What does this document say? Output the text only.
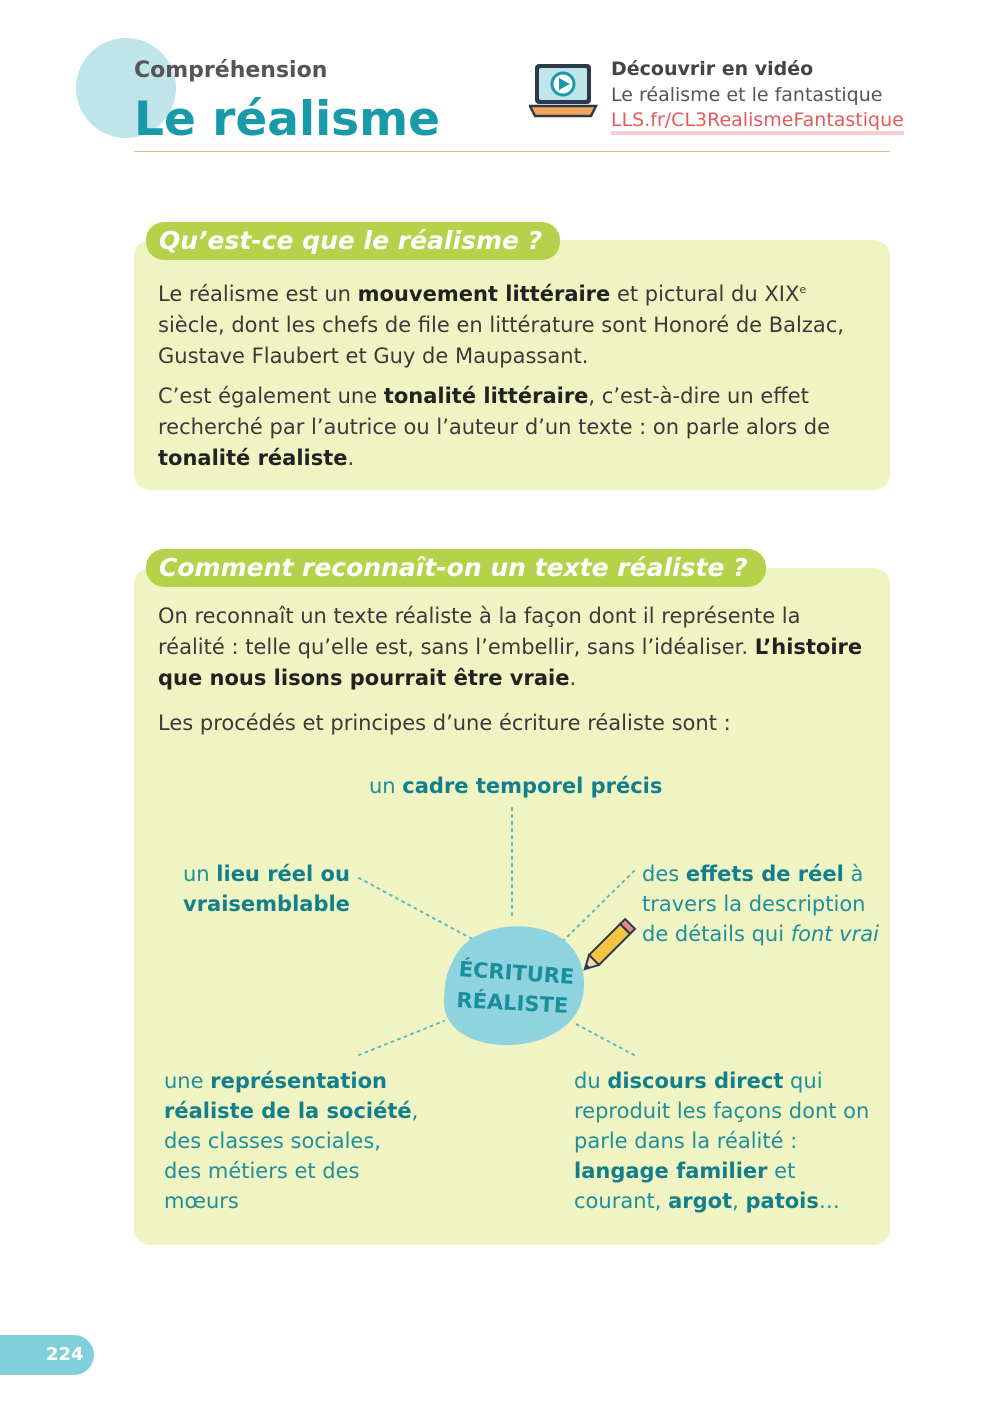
Compréhension
Le réalisme
Découvrir en vidéo
Le réalisme et le fantastique
LLS.fr/CL3RealismeFantastique
Qu’est-ce que le réalisme ?
Le réalisme est un mouvement littéraire et pictural du XIXe siècle, dont les chefs de file en littérature sont Honoré de Balzac, Gustave Flaubert et Guy de Maupassant.
C’est également une tonalité littéraire, c’est-à-dire un effet recherché par l’autrice ou l’auteur d’un texte : on parle alors de tonalité réaliste.
Comment reconnaît-on un texte réaliste ?
On reconnaît un texte réaliste à la façon dont il représente la réalité : telle qu’elle est, sans l’embellir, sans l’idéaliser. L’histoire que nous lisons pourrait être vraie.
Les procédés et principes d’une écriture réaliste sont :
ÉCRITURE
RÉALISTE
un cadre temporel précis
un lieu réel ou vraisemblable
des effets de réel à travers la description de détails qui font vrai
une représentation réaliste de la société, des classes sociales, des métiers et des mœurs
du discours direct qui reproduit les façons dont on parle dans la réalité : langage familier et courant, argot, patois…
224
